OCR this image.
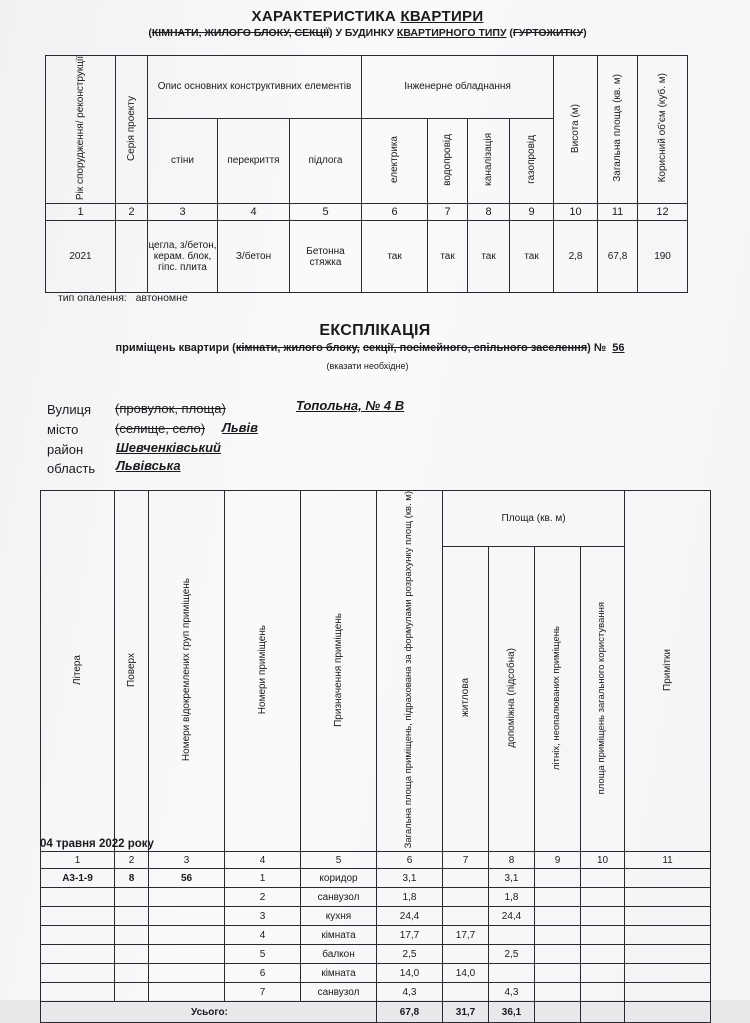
ХАРАКТЕРИСТИКА КВАРТИРИ
(КІМНАТИ, ЖИЛОГО БЛОКУ, СЕКЦІЇ) У БУДИНКУ КВАРТИРНОГО ТИПУ (ГУРТОЖИТКУ)
Рік спорудження/ реконструкції	Серія проекту	Опис основних конструктивних елементів			Інженерне обладнання				Висота (м)	Загальна площа (кв. м)	Корисний об'єм (куб. м)
		стіни	перекриття	підлога	електрика	водопровід	каналізація	газопровід			
1	2	3	4	5	6	7	8	9	10	11	12
2021		цегла, з/бетон, керам. блок, гіпс. плита	З/бетон	Бетонна стяжка	так	так	так	так	2,8	67,8	190
тип опалення: автономне
ЕКСПЛІКАЦІЯ
приміщень квартири (кімнати, жилого блоку, секції, посімейного, спільного заселення) № 56
(вказати необхідне)
Вулиця (провулок, площа)	Топольна, № 4 В
місто	(селище, село) Львів
район	Шевченківський
область Львівська
Літера	Поверх	Номери відокремлених груп приміщень	Номери приміщень	Призначення приміщень	Загальна площа приміщень, підрахована за формулами розрахунку площ (кв. м)	Площа (кв. м)				Примітки
						житлова	допоміжна (підсобна)	літніх, неопалюваних приміщень	площа приміщень загального користування	
1	2	3	4	5	6	7	8	9	10	11
А3-1-9	8	56	1	коридор	3,1		3,1			
			2	санвузол	1,8		1,8			
			3	кухня	24,4		24,4			
			4	кімната	17,7	17,7				
			5	балкон	2,5		2,5			
			6	кімната	14,0	14,0				
			7	санвузол	4,3		4,3			
Усього:					67,8	31,7	36,1			
04 травня 2022 року
